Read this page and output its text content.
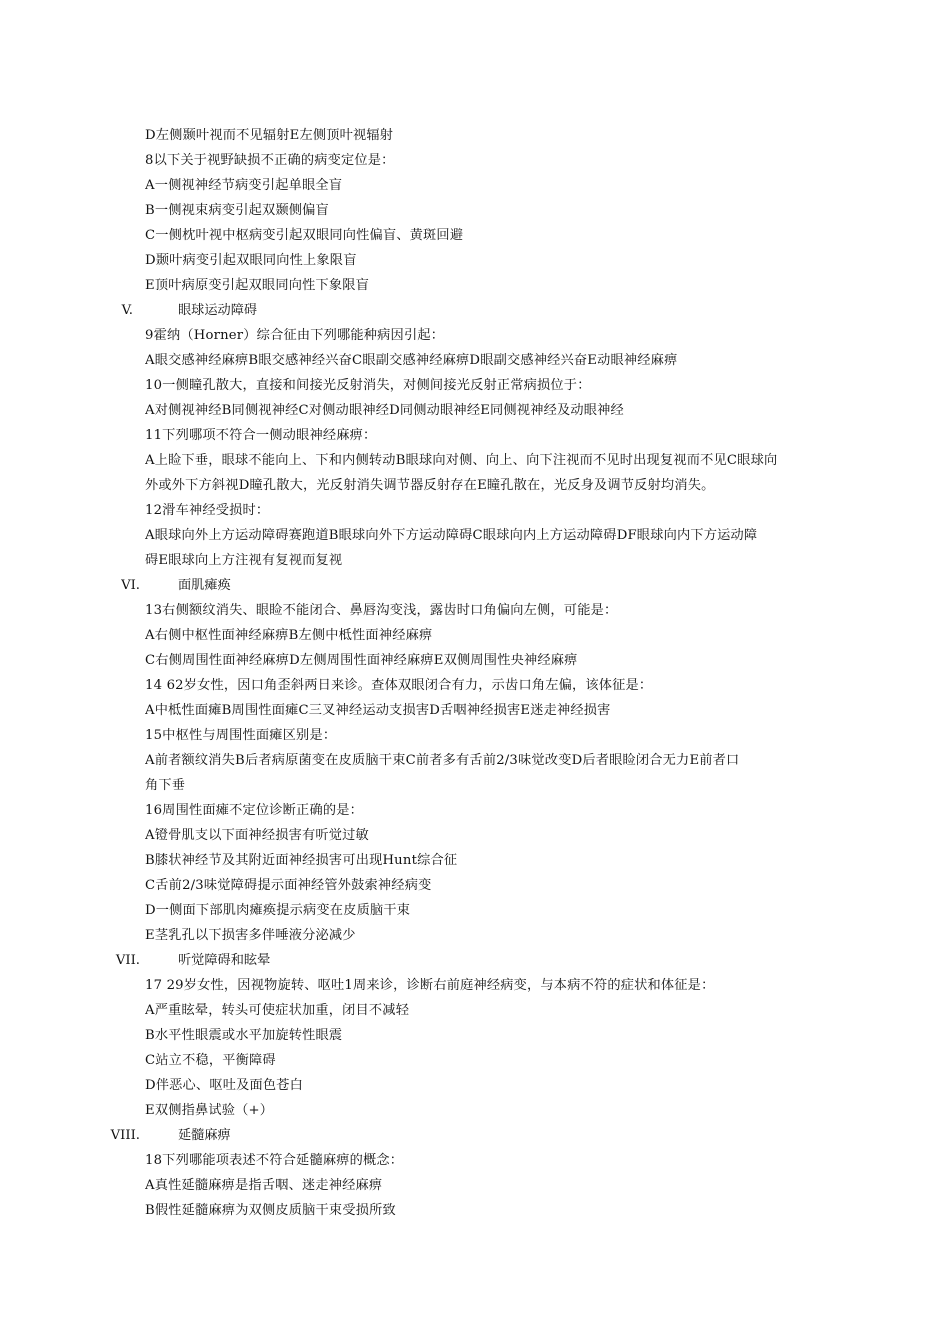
D左侧颞叶视而不见辐射E左侧顶叶视辐射
8以下关于视野缺损不正确的病变定位是：
A一侧视神经节病变引起单眼全盲
B一侧视束病变引起双颞侧偏盲
C一侧枕叶视中枢病变引起双眼同向性偏盲、黄斑回避
D颞叶病变引起双眼同向性上象限盲
E顶叶病原变引起双眼同向性下象限盲
V.	眼球运动障碍
9霍纳（Horner）综合征由下列哪能种病因引起：
A眼交感神经麻痹B眼交感神经兴奋C眼副交感神经麻痹D眼副交感神经兴奋E动眼神经麻痹
10一侧瞳孔散大，直接和间接光反射消失，对侧间接光反射正常病损位于：
A对侧视神经B同侧视神经C对侧动眼神经D同侧动眼神经E同侧视神经及动眼神经
11下列哪项不符合一侧动眼神经麻痹：
A上睑下垂，眼球不能向上、下和内侧转动B眼球向对侧、向上、向下注视而不见时出现复视而不见C眼球向
外或外下方斜视D瞳孔散大，光反射消失调节器反射存在E瞳孔散在，光反身及调节反射均消失。
12滑车神经受损时：
A眼球向外上方运动障碍赛跑道B眼球向外下方运动障碍C眼球向内上方运动障碍DF眼球向内下方运动障
碍E眼球向上方注视有复视而复视
VI.	面肌瘫痪
13右侧额纹消失、眼睑不能闭合、鼻唇沟变浅，露齿时口角偏向左侧，可能是：
A右侧中枢性面神经麻痹B左侧中柢性面神经麻痹
C右侧周围性面神经麻痹D左侧周围性面神经麻痹E双侧周围性央神经麻痹
14 62岁女性，因口角歪斜两日来诊。查体双眼闭合有力，示齿口角左偏，该体征是：
A中柢性面瘫B周围性面瘫C三叉神经运动支损害D舌咽神经损害E迷走神经损害
15中枢性与周围性面瘫区别是：
A前者额纹消失B后者病原菌变在皮质脑干束C前者多有舌前2/3味觉改变D后者眼睑闭合无力E前者口
角下垂
16周围性面瘫不定位诊断正确的是：
A镫骨肌支以下面神经损害有听觉过敏
B膝状神经节及其附近面神经损害可出现Hunt综合征
C舌前2/3味觉障碍提示面神经管外鼓索神经病变
D一侧面下部肌肉瘫痪提示病变在皮质脑干束
E茎乳孔以下损害多伴唾液分泌减少
VII.	听觉障碍和眩晕
17 29岁女性，因视物旋转、呕吐1周来诊，诊断右前庭神经病变，与本病不符的症状和体征是：
A严重眩晕，转头可使症状加重，闭目不减轻
B水平性眼震或水平加旋转性眼震
C站立不稳，平衡障碍
D伴恶心、呕吐及面色苍白
E双侧指鼻试验（+）
VIII.	延髓麻痹
18下列哪能项表述不符合延髓麻痹的概念：
A真性延髓麻痹是指舌咽、迷走神经麻痹
B假性延髓麻痹为双侧皮质脑干束受损所致
